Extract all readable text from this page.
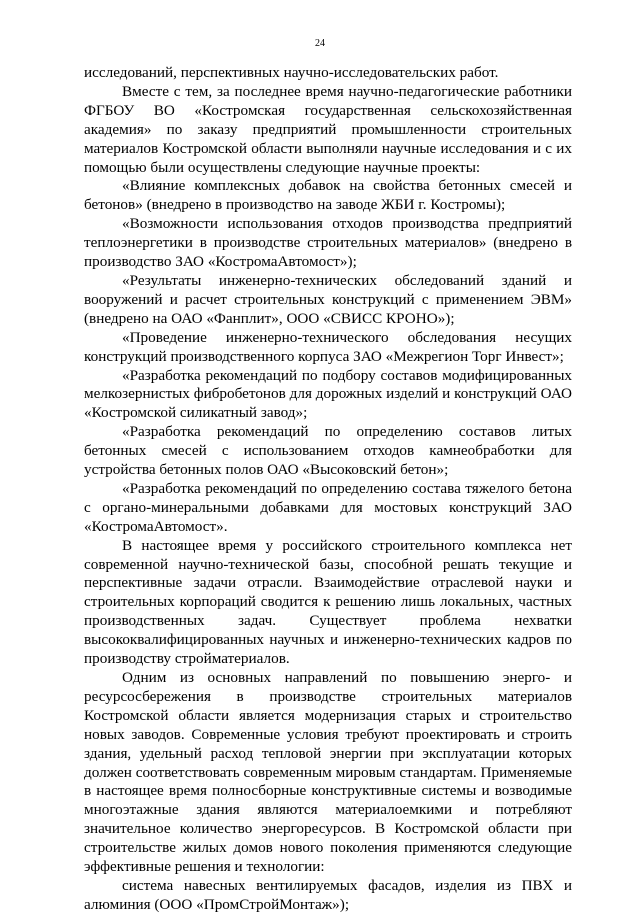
24

исследований, перспективных научно-исследовательских работ.

Вместе с тем, за последнее время научно-педагогические работники ФГБОУ ВО «Костромская государственная сельскохозяйственная академия» по заказу предприятий промышленности строительных материалов Костромской области выполняли научные исследования и с их помощью были осуществлены следующие научные проекты:

«Влияние комплексных добавок на свойства бетонных смесей и бетонов» (внедрено в производство на заводе ЖБИ г. Костромы);

«Возможности использования отходов производства предприятий теплоэнергетики в производстве строительных материалов» (внедрено в производство ЗАО «КостромаАвтомост»);

«Результаты инженерно-технических обследований зданий и вооружений и расчет строительных конструкций с применением ЭВМ» (внедрено на ОАО «Фанплит», ООО «СВИСС КРОНО»);

«Проведение инженерно-технического обследования несущих конструкций производственного корпуса ЗАО «Межрегион Торг Инвест»;

«Разработка рекомендаций по подбору составов модифицированных мелкозернистых фибробетонов для дорожных изделий и конструкций ОАО «Костромской силикатный завод»;

«Разработка рекомендаций по определению составов литых бетонных смесей с использованием отходов камнеобработки для устройства бетонных полов ОАО «Высоковский бетон»;

«Разработка рекомендаций по определению состава тяжелого бетона с органо-минеральными добавками для мостовых конструкций ЗАО «КостромаАвтомост».

В настоящее время у российского строительного комплекса нет современной научно-технической базы, способной решать текущие и перспективные задачи отрасли. Взаимодействие отраслевой науки и строительных корпораций сводится к решению лишь локальных, частных производственных задач. Существует проблема нехватки высококвалифицированных научных и инженерно-технических кадров по производству стройматериалов.

Одним из основных направлений по повышению энерго- и ресурсосбережения в производстве строительных материалов Костромской области является модернизация старых и строительство новых заводов. Современные условия требуют проектировать и строить здания, удельный расход тепловой энергии при эксплуатации которых должен соответствовать современным мировым стандартам. Применяемые в настоящее время полносборные конструктивные системы и возводимые многоэтажные здания являются материалоемкими и потребляют значительное количество энергоресурсов. В Костромской области при строительстве жилых домов нового поколения применяются следующие эффективные решения и технологии:

система навесных вентилируемых фасадов, изделия из ПВХ и алюминия (ООО «ПромСтройМонтаж»);
